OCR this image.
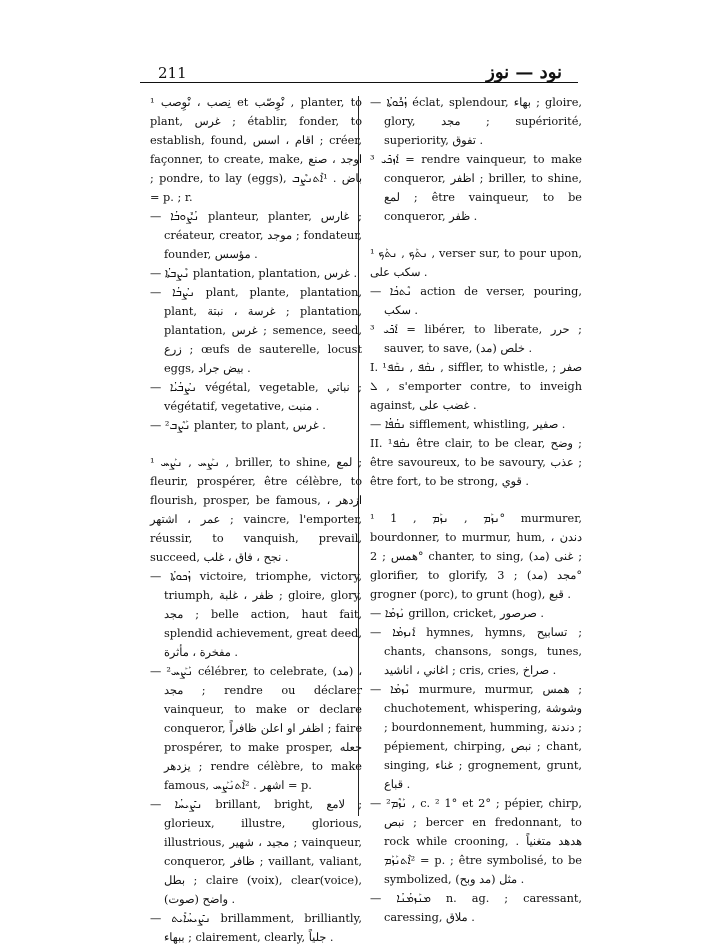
211	نود — نوز

¹ نِصب ، نْوِصب et نْوِصّب , planter, to plant, غرس ; établir, fonder, to establish, found, اقام ، اسس ; créer, façonner, to create, make, اوجد ، صنع ; pondre, to lay (eggs), باض . ¹ܐܶܬܢܨܶܒ = p. ; r.

— ܢܳܨܽܘܒܳܐ planteur, planter, غارس ; créateur, creator, موجد ; fondateur, founder, مؤسس .

— ܢܶܨܒܬܳܐ plantation, plantation, غرس .

— ܢܨܳܒܳܐ plant, plante, plantation, plant, غرسة ، نبتة ; plantation, plantation, غرس ; semence, seed, زرع ; œufs de sauterelle, locust eggs, بيض جراد .

— ܢܨܳܒܳܝܳܐ végétal, vegetable, نباتي ; végétatif, vegetative, منبت .

— ²ܢܰܨܶܒ planter, to plant, غرس .

¹ ܢܨܰܚ , ܢܨܰܚ , briller, to shine, لمع ; fleurir, prospérer, être célèbre, to flourish, prosper, be famous, ازدهر ، عمر ، اشتهر ; vaincre, l'emporter, réussir, to vanquish, prevail, succeed, نجح ، فاق ، غلب .

— ܙܳܟܘܬܳܐ victoire, triomphe, victory, triumph, ظفر ، غلبة ; gloire, glory, مجد ; belle action, haut fait, splendid achievement, great deed, مفخرة ، مأثرة .

— ²ܢܰܨܰܚ célébrer, to celebrate, (مد) ، مجد ; rendre ou déclarer vainqueur, to make or declare conqueror, اظفر او اعلن ظافراً ; faire prospérer, to make prosper, جعله يزدهر ; rendre célèbre, to make famous, اشهر . ²ܐܶܬܢܰܨܰܚ = p.

— ܢܨܺܝܚܳܐ brillant, bright, لامع ; glorieux, illustre, glorious, illustrious, مجيد ، شهير ; vainqueur, conqueror, ظافر ; vaillant, valiant, بطل ; claire (voix), clear(voice), واضح (صوت) .

— ܢܨܺܝܚܳܐܺܝܬ brillamment, brilliantly, ببهاء ; clairement, clearly, جلياً .

— ܙܳܟܽܘܬܳܐ éclat, splendour, بهاء ; gloire, glory, مجد ; supériorité, superiority, تفوق .

³ ܐܰܙܟܺܝ = rendre vainqueur, to make conqueror, اظفر ; briller, to shine, لمع ; être vainqueur, to be conqueror, ظفر .

¹ ܢܬܰܟ , ܢܬܰܟ , verser sur, to pour upon, سكب على .

— ܢܶܬܟܳܐ action de verser, pouring, سكب .

³ ܐܰܟܺܝ = libérer, to liberate, حرر ; sauver, to save, (مد) خلص .

I. ¹ܢܩܰܦ , ܢܩܰܦ , siffler, to whistle, صفر ; ܠ , s'emporter contre, to inveigh against, غضب على .

— ܢܩܳܦܳܐ sifflement, whistling, صفير .

II. ¹ܢܩܰܦ être clair, to be clear, وضح ; être savoureux, to be savoury, عذب ; être fort, to be strong, قوي .

¹ ܢܙܰܡ , ܢܙܰܡ , 1° murmurer, bourdonner, to murmur, hum, دندن ، همس ; 2° chanter, to sing, غنى (مد) ; glorifier, to glorify, مجد (مد) ; 3° grogner (porc), to grunt (hog), قبع .

— ܢܰܙܡܳܐ grillon, cricket, صرصور .

— ܐܰܢܙܡܳܐ hymnes, hymns, تسابيح ; chants, chansons, songs, tunes, اغاني ، اناشيد ; cris, cries, صراخ .

— ܢܶܙܡܳܐ murmure, murmur, همس ; chuchotement, whispering, وشوشة ; bourdonnement, humming, دندنة ; pépiement, chirping, نبص ; chant, singing, غناء ; grognement, grunt, قباع .

— ²ܢܰܙܶܡ , c. ² 1° et 2° ; pépier, chirp, نبص ; bercer en fredonnant, to rock while crooning, هدهد متغنياً . ²ܐܶܬܢܰܙܰܡ = p. ; être symbolisé, to be symbolized, مثل (مد وبح) .

— ܡܢܰܙܡܳܢܳܐ n. ag. ; caressant, caressing, ملاق .
